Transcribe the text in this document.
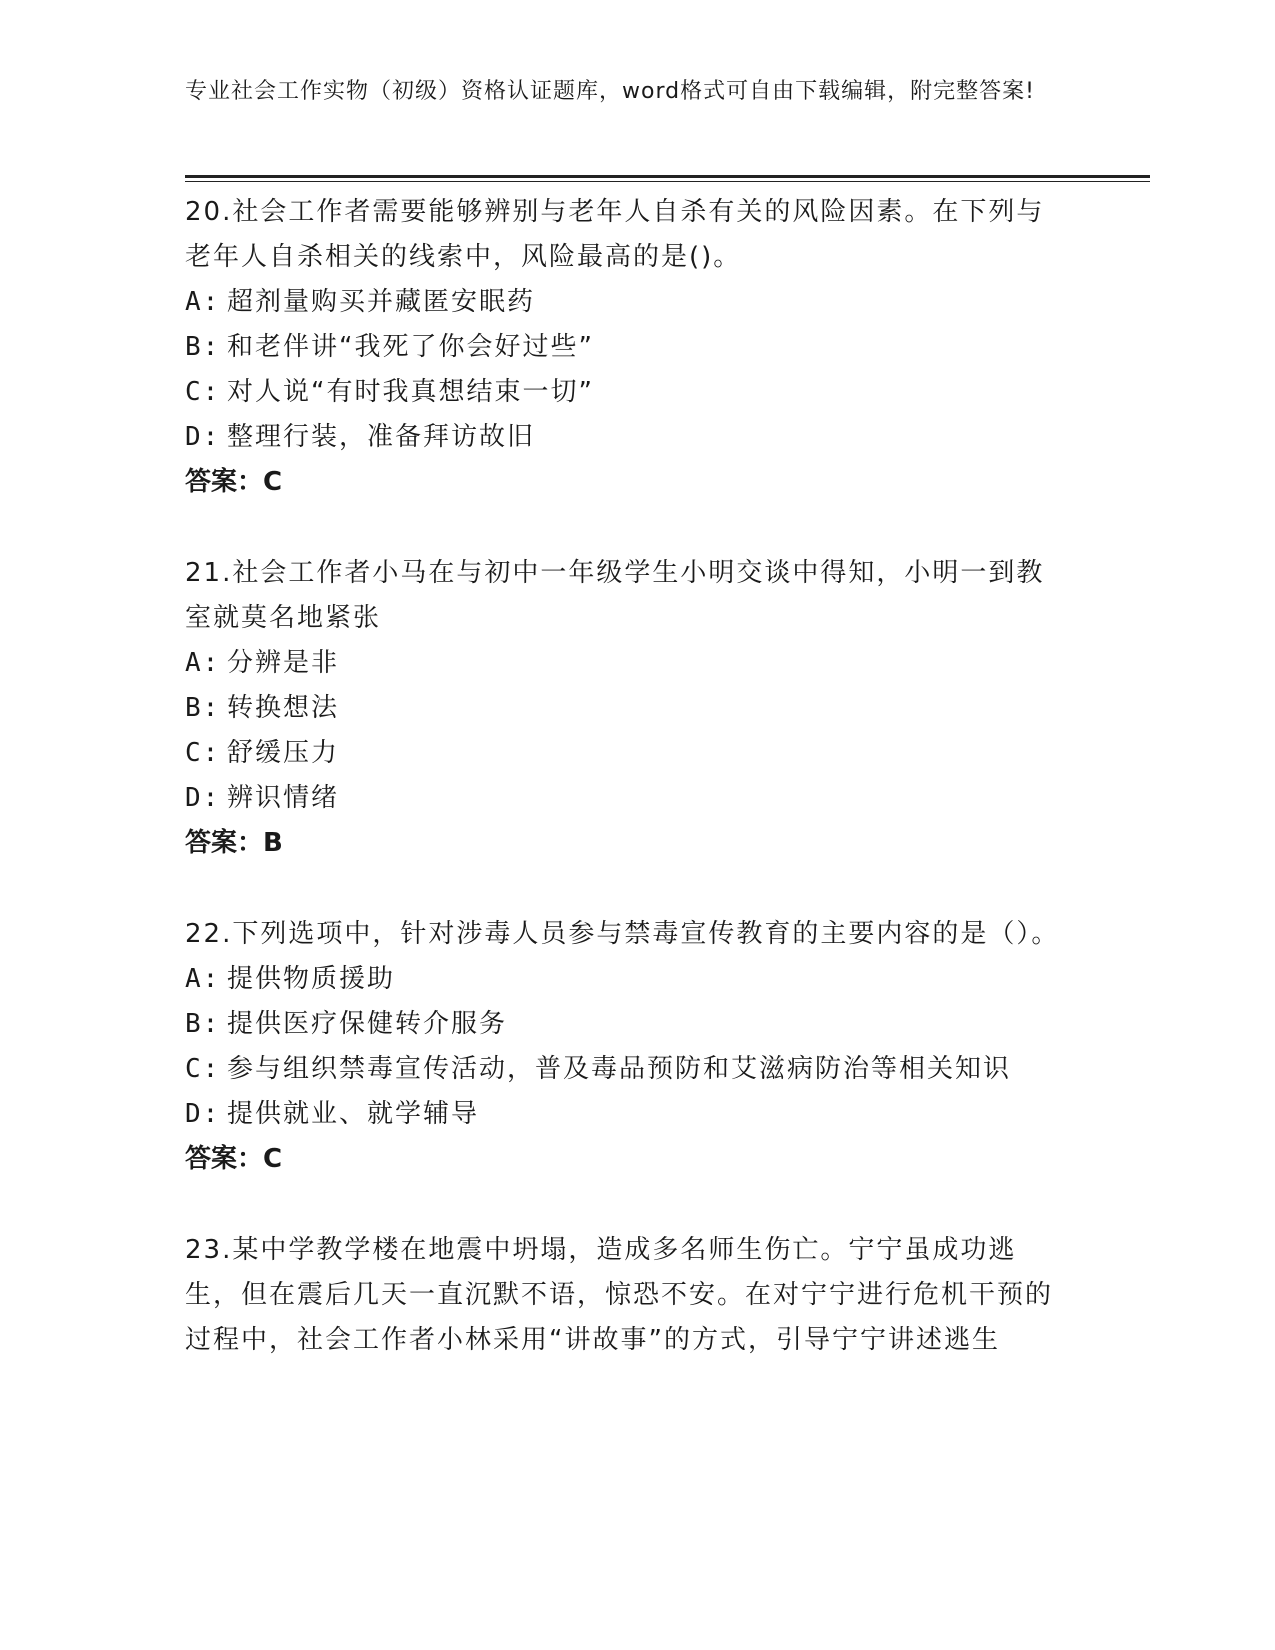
专业社会工作实物（初级）资格认证题库，word格式可自由下载编辑，附完整答案!
20.社会工作者需要能够辨别与老年人自杀有关的风险因素。在下列与老年人自杀相关的线索中，风险最高的是()。
A: 超剂量购买并藏匿安眠药
B: 和老伴讲“我死了你会好过些”
C: 对人说“有时我真想结束一切”
D: 整理行装，准备拜访故旧
答案：C
21.社会工作者小马在与初中一年级学生小明交谈中得知，小明一到教室就莫名地紧张
A: 分辨是非
B: 转换想法
C: 舒缓压力
D: 辨识情绪
答案：B
22.下列选项中，针对涉毒人员参与禁毒宣传教育的主要内容的是（）。
A: 提供物质援助
B: 提供医疗保健转介服务
C: 参与组织禁毒宣传活动，普及毒品预防和艾滋病防治等相关知识
D: 提供就业、就学辅导
答案：C
23.某中学教学楼在地震中坍塌，造成多名师生伤亡。宁宁虽成功逃生，但在震后几天一直沉默不语，惊恐不安。在对宁宁进行危机干预的过程中，社会工作者小林采用“讲故事”的方式，引导宁宁讲述逃生
